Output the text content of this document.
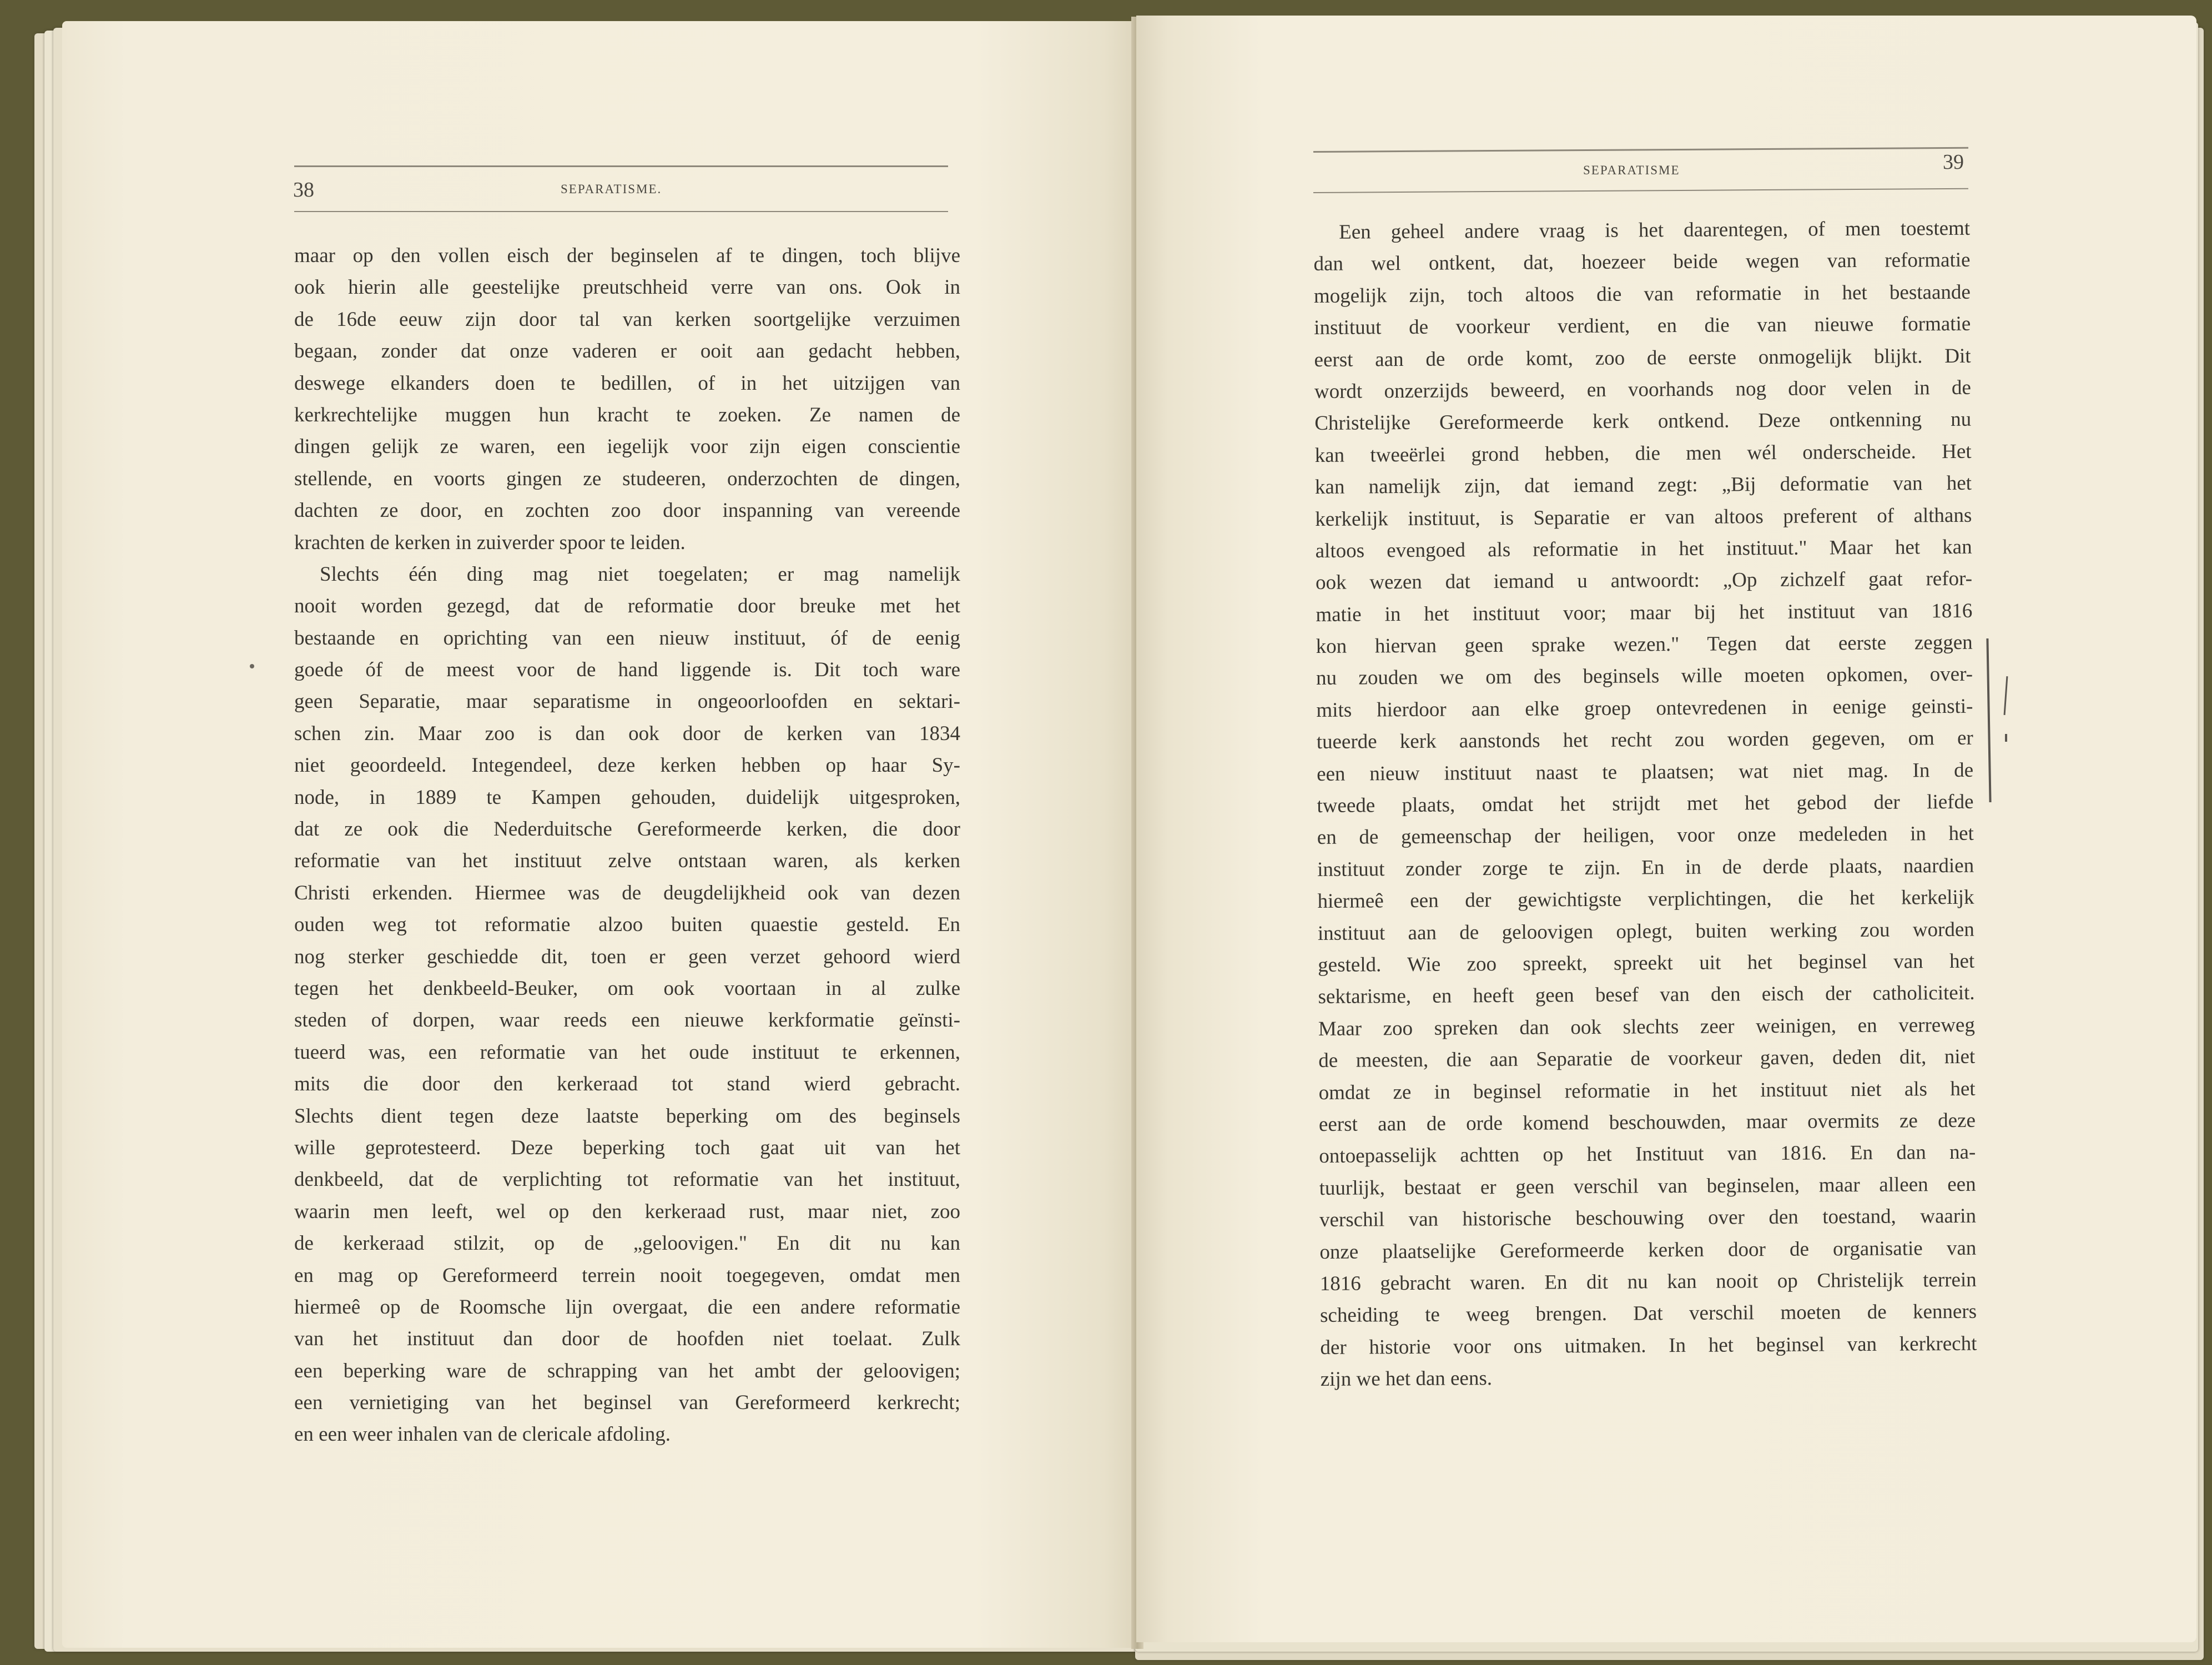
38	SEPARATISME.
maar op den vollen eisch der beginselen af te dingen, toch blijve
ook hierin alle geestelijke preutschheid verre van ons. Ook in
de 16de eeuw zijn door tal van kerken soortgelijke verzuimen
begaan, zonder dat onze vaderen er ooit aan gedacht hebben,
deswege elkanders doen te bedillen, of in het uitzijgen van
kerkrechtelijke muggen hun kracht te zoeken. Ze namen de
dingen gelijk ze waren, een iegelijk voor zijn eigen conscientie
stellende, en voorts gingen ze studeeren, onderzochten de dingen,
dachten ze door, en zochten zoo door inspanning van vereende
krachten de kerken in zuiverder spoor te leiden.
Slechts één ding mag niet toegelaten; er mag namelijk
nooit worden gezegd, dat de reformatie door breuke met het
bestaande en oprichting van een nieuw instituut, óf de eenig
goede óf de meest voor de hand liggende is. Dit toch ware
geen Separatie, maar separatisme in ongeoorloofden en sektari-
schen zin. Maar zoo is dan ook door de kerken van 1834
niet geoordeeld. Integendeel, deze kerken hebben op haar Sy-
node, in 1889 te Kampen gehouden, duidelijk uitgesproken,
dat ze ook die Nederduitsche Gereformeerde kerken, die door
reformatie van het instituut zelve ontstaan waren, als kerken
Christi erkenden. Hiermee was de deugdelijkheid ook van dezen
ouden weg tot reformatie alzoo buiten quaestie gesteld. En
nog sterker geschiedde dit, toen er geen verzet gehoord wierd
tegen het denkbeeld-Beuker, om ook voortaan in al zulke
steden of dorpen, waar reeds een nieuwe kerkformatie geïnsti-
tueerd was, een reformatie van het oude instituut te erkennen,
mits die door den kerkeraad tot stand wierd gebracht.
Slechts dient tegen deze laatste beperking om des beginsels
wille geprotesteerd. Deze beperking toch gaat uit van het
denkbeeld, dat de verplichting tot reformatie van het instituut,
waarin men leeft, wel op den kerkeraad rust, maar niet, zoo
de kerkeraad stilzit, op de „geloovigen." En dit nu kan
en mag op Gereformeerd terrein nooit toegegeven, omdat men
hiermeê op de Roomsche lijn overgaat, die een andere reformatie
van het instituut dan door de hoofden niet toelaat. Zulk
een beperking ware de schrapping van het ambt der geloovigen;
een vernietiging van het beginsel van Gereformeerd kerkrecht;
en een weer inhalen van de clericale afdoling.
SEPARATISME	39
Een geheel andere vraag is het daarentegen, of men toestemt
dan wel ontkent, dat, hoezeer beide wegen van reformatie
mogelijk zijn, toch altoos die van reformatie in het bestaande
instituut de voorkeur verdient, en die van nieuwe formatie
eerst aan de orde komt, zoo de eerste onmogelijk blijkt. Dit
wordt onzerzijds beweerd, en voorhands nog door velen in de
Christelijke Gereformeerde kerk ontkend. Deze ontkenning nu
kan tweeërlei grond hebben, die men wél onderscheide. Het
kan namelijk zijn, dat iemand zegt: „Bij deformatie van het
kerkelijk instituut, is Separatie er van altoos preferent of althans
altoos evengoed als reformatie in het instituut." Maar het kan
ook wezen dat iemand u antwoordt: „Op zichzelf gaat refor-
matie in het instituut voor; maar bij het instituut van 1816
kon hiervan geen sprake wezen." Tegen dat eerste zeggen
nu zouden we om des beginsels wille moeten opkomen, over-
mits hierdoor aan elke groep ontevredenen in eenige geinsti-
tueerde kerk aanstonds het recht zou worden gegeven, om er
een nieuw instituut naast te plaatsen; wat niet mag. In de
tweede plaats, omdat het strijdt met het gebod der liefde
en de gemeenschap der heiligen, voor onze medeleden in het
instituut zonder zorge te zijn. En in de derde plaats, naardien
hiermeê een der gewichtigste verplichtingen, die het kerkelijk
instituut aan de geloovigen oplegt, buiten werking zou worden
gesteld. Wie zoo spreekt, spreekt uit het beginsel van het
sektarisme, en heeft geen besef van den eisch der catholiciteit.
Maar zoo spreken dan ook slechts zeer weinigen, en verreweg
de meesten, die aan Separatie de voorkeur gaven, deden dit, niet
omdat ze in beginsel reformatie in het instituut niet als het
eerst aan de orde komend beschouwden, maar overmits ze deze
ontoepasselijk achtten op het Instituut van 1816. En dan na-
tuurlijk, bestaat er geen verschil van beginselen, maar alleen een
verschil van historische beschouwing over den toestand, waarin
onze plaatselijke Gereformeerde kerken door de organisatie van
1816 gebracht waren. En dit nu kan nooit op Christelijk terrein
scheiding te weeg brengen. Dat verschil moeten de kenners
der historie voor ons uitmaken. In het beginsel van kerkrecht
zijn we het dan eens.
